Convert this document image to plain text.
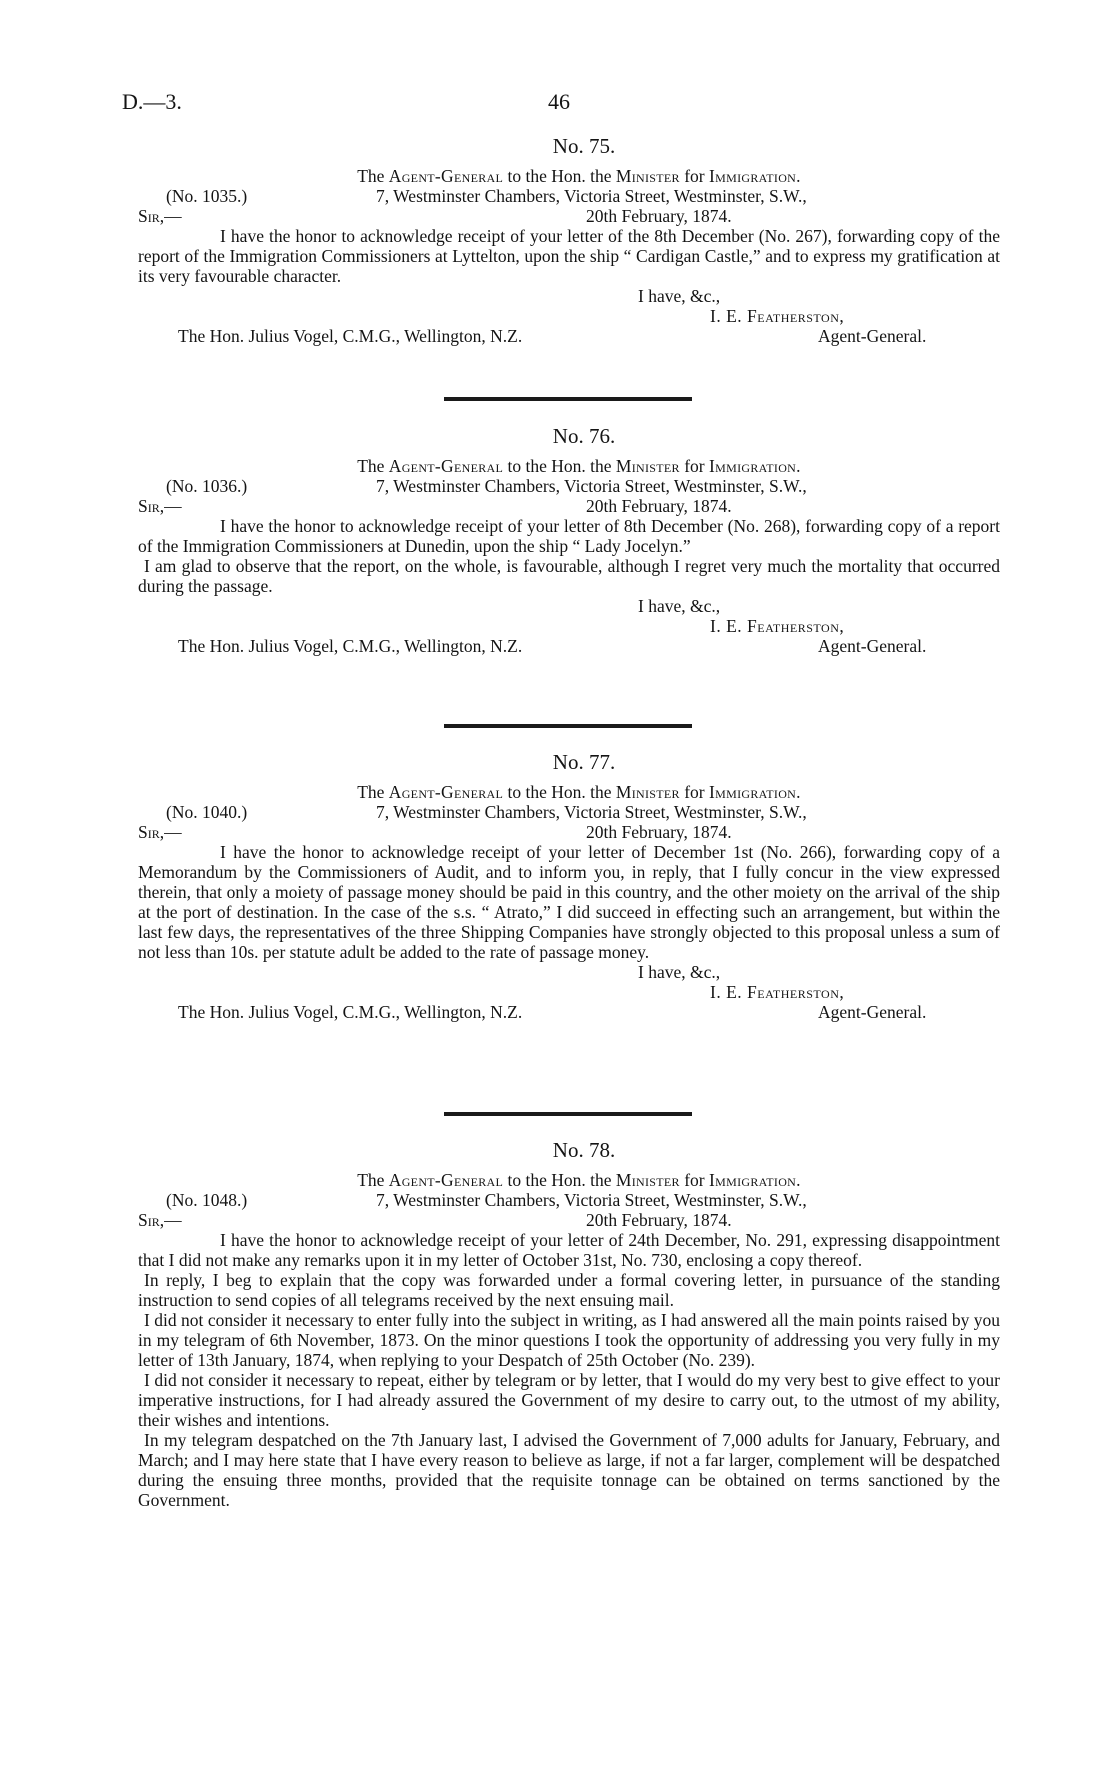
D.—3.	46
No. 75.
The Agent-General to the Hon. the Minister for Immigration.
(No. 1035.)	7, Westminster Chambers, Victoria Street, Westminster, S.W.,
Sir,—	20th February, 1874.

I have the honor to acknowledge receipt of your letter of the 8th December (No. 267), forwarding copy of the report of the Immigration Commissioners at Lyttelton, upon the ship “ Cardigan Castle,” and to express my gratification at its very favourable character.

I have, &c.,
I. E. Featherston,
The Hon. Julius Vogel, C.M.G., Wellington, N.Z.	Agent-General.
No. 76.
The Agent-General to the Hon. the Minister for Immigration.
(No. 1036.)	7, Westminster Chambers, Victoria Street, Westminster, S.W.,
Sir,—	20th February, 1874.

I have the honor to acknowledge receipt of your letter of 8th December (No. 268), forwarding copy of a report of the Immigration Commissioners at Dunedin, upon the ship “ Lady Jocelyn.”

I am glad to observe that the report, on the whole, is favourable, although I regret very much the mortality that occurred during the passage.

I have, &c.,
I. E. Featherston,
The Hon. Julius Vogel, C.M.G., Wellington, N.Z.	Agent-General.
No. 77.
The Agent-General to the Hon. the Minister for Immigration.
(No. 1040.)	7, Westminster Chambers, Victoria Street, Westminster, S.W.,
Sir,—	20th February, 1874.

I have the honor to acknowledge receipt of your letter of December 1st (No. 266), forwarding copy of a Memorandum by the Commissioners of Audit, and to inform you, in reply, that I fully concur in the view expressed therein, that only a moiety of passage money should be paid in this country, and the other moiety on the arrival of the ship at the port of destination. In the case of the s.s. “ Atrato,” I did succeed in effecting such an arrangement, but within the last few days, the representatives of the three Shipping Companies have strongly objected to this proposal unless a sum of not less than 10s. per statute adult be added to the rate of passage money.

I have, &c.,
I. E. Featherston,
The Hon. Julius Vogel, C.M.G., Wellington, N.Z.	Agent-General.
No. 78.
The Agent-General to the Hon. the Minister for Immigration.
(No. 1048.)	7, Westminster Chambers, Victoria Street, Westminster, S.W.,
Sir,—	20th February, 1874.

I have the honor to acknowledge receipt of your letter of 24th December, No. 291, expressing disappointment that I did not make any remarks upon it in my letter of October 31st, No. 730, enclosing a copy thereof.

In reply, I beg to explain that the copy was forwarded under a formal covering letter, in pursuance of the standing instruction to send copies of all telegrams received by the next ensuing mail.

I did not consider it necessary to enter fully into the subject in writing, as I had answered all the main points raised by you in my telegram of 6th November, 1873. On the minor questions I took the opportunity of addressing you very fully in my letter of 13th January, 1874, when replying to your Despatch of 25th October (No. 239).

I did not consider it necessary to repeat, either by telegram or by letter, that I would do my very best to give effect to your imperative instructions, for I had already assured the Government of my desire to carry out, to the utmost of my ability, their wishes and intentions.

In my telegram despatched on the 7th January last, I advised the Government of 7,000 adults for January, February, and March; and I may here state that I have every reason to believe as large, if not a far larger, complement will be despatched during the ensuing three months, provided that the requisite tonnage can be obtained on terms sanctioned by the Government.
